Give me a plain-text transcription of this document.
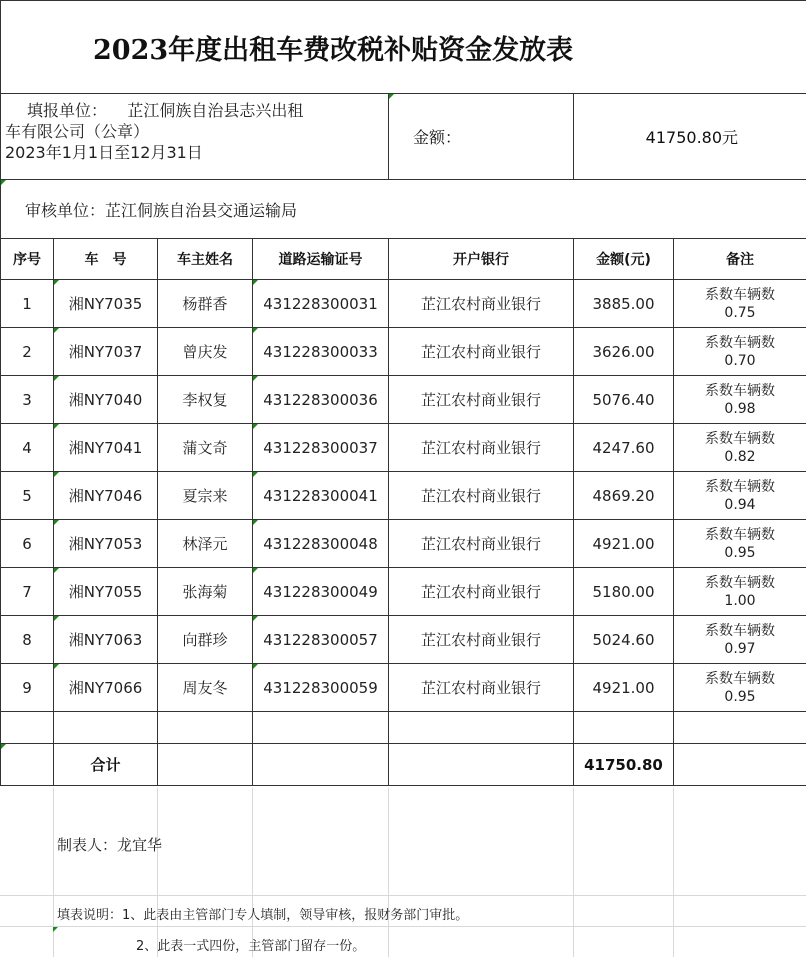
2023年度出租车费改税补贴资金发放表						
填报单位： 芷江侗族自治县志兴出租
车有限公司（公章）
2023年1月1日至12月31日				金额：	41750.80元	
审核单位：芷江侗族自治县交通运输局						
序号	车　号	车主姓名	道路运输证号	开户银行	金额(元)	备注
1	湘NY7035	杨群香	431228300031	芷江农村商业银行	3885.00	系数车辆数
0.75
2	湘NY7037	曾庆发	431228300033	芷江农村商业银行	3626.00	系数车辆数
0.70
3	湘NY7040	李权复	431228300036	芷江农村商业银行	5076.40	系数车辆数
0.98
4	湘NY7041	蒲文奇	431228300037	芷江农村商业银行	4247.60	系数车辆数
0.82
5	湘NY7046	夏宗来	431228300041	芷江农村商业银行	4869.20	系数车辆数
0.94
6	湘NY7053	林泽元	431228300048	芷江农村商业银行	4921.00	系数车辆数
0.95
7	湘NY7055	张海菊	431228300049	芷江农村商业银行	5180.00	系数车辆数
1.00
8	湘NY7063	向群珍	431228300057	芷江农村商业银行	5024.60	系数车辆数
0.97
9	湘NY7066	周友冬	431228300059	芷江农村商业银行	4921.00	系数车辆数
0.95

	合计				41750.80	
制表人：龙宜华
填表说明：1、此表由主管部门专人填制，领导审核，报财务部门审批。
2、此表一式四份，主管部门留存一份。
